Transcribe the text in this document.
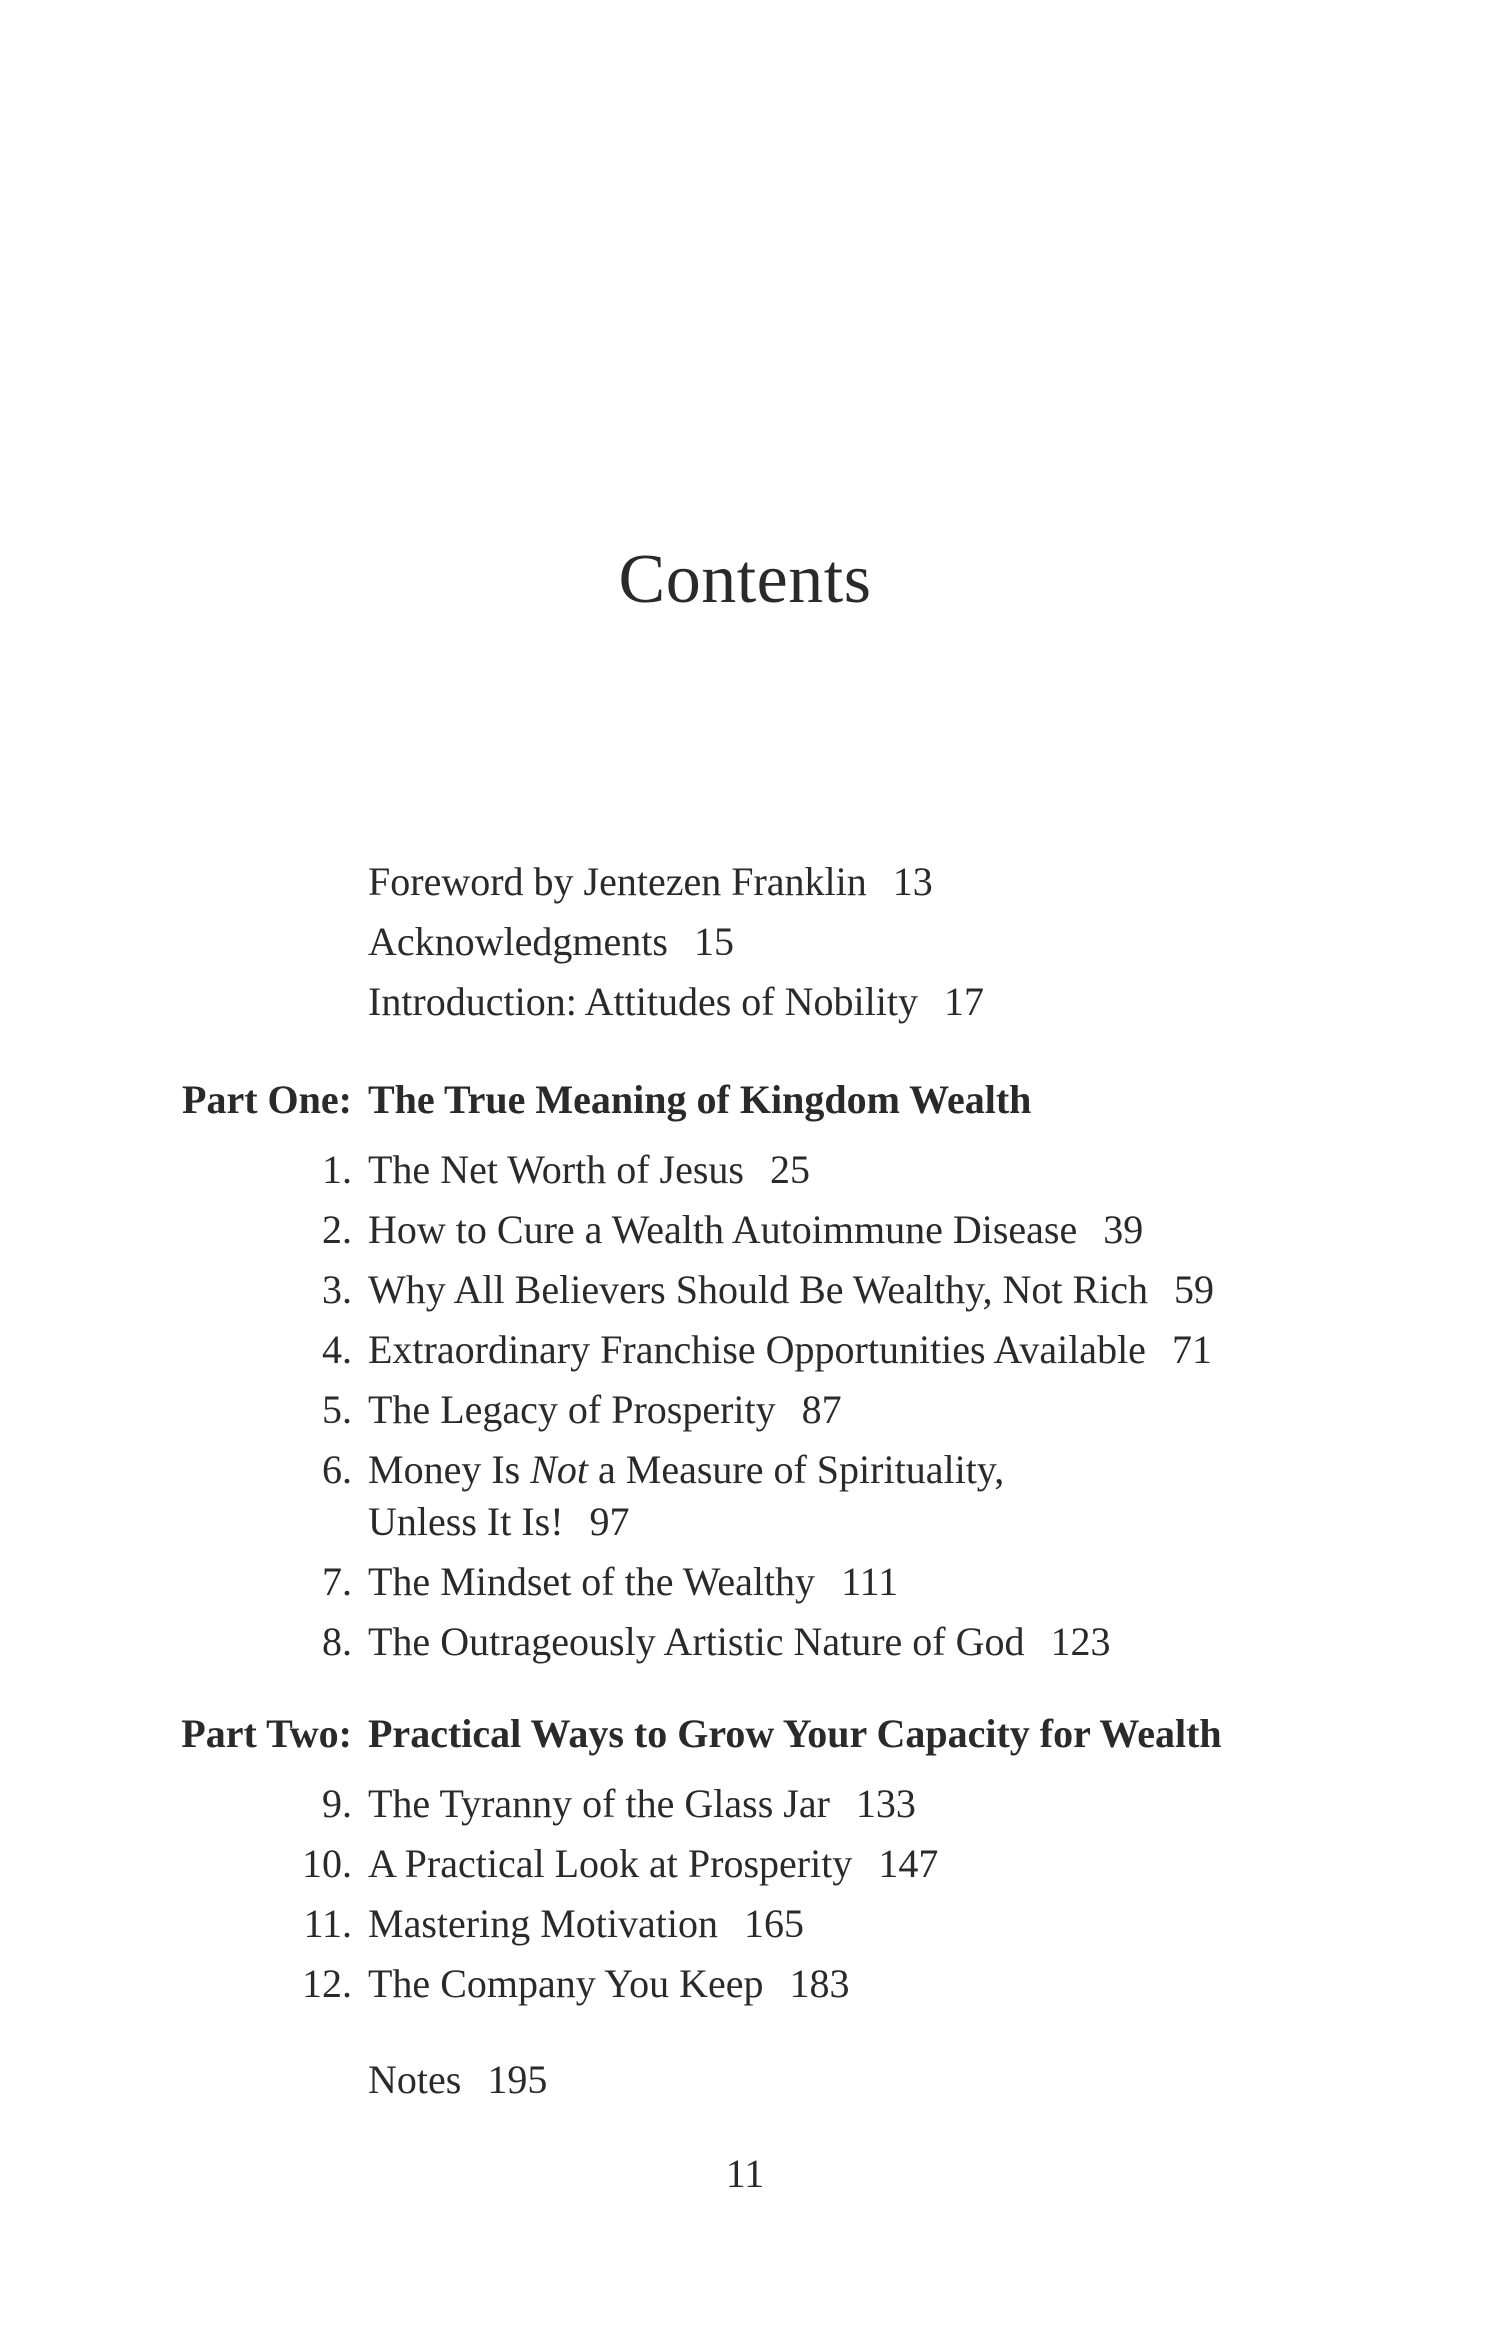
Contents
Foreword by Jentezen Franklin 13
Acknowledgments 15
Introduction: Attitudes of Nobility 17
Part One: The True Meaning of Kingdom Wealth
1. The Net Worth of Jesus 25
2. How to Cure a Wealth Autoimmune Disease 39
3. Why All Believers Should Be Wealthy, Not Rich 59
4. Extraordinary Franchise Opportunities Available 71
5. The Legacy of Prosperity 87
6. Money Is Not a Measure of Spirituality,
Unless It Is! 97
7. The Mindset of the Wealthy 111
8. The Outrageously Artistic Nature of God 123
Part Two: Practical Ways to Grow Your Capacity for Wealth
9. The Tyranny of the Glass Jar 133
10. A Practical Look at Prosperity 147
11. Mastering Motivation 165
12. The Company You Keep 183
Notes 195
11
